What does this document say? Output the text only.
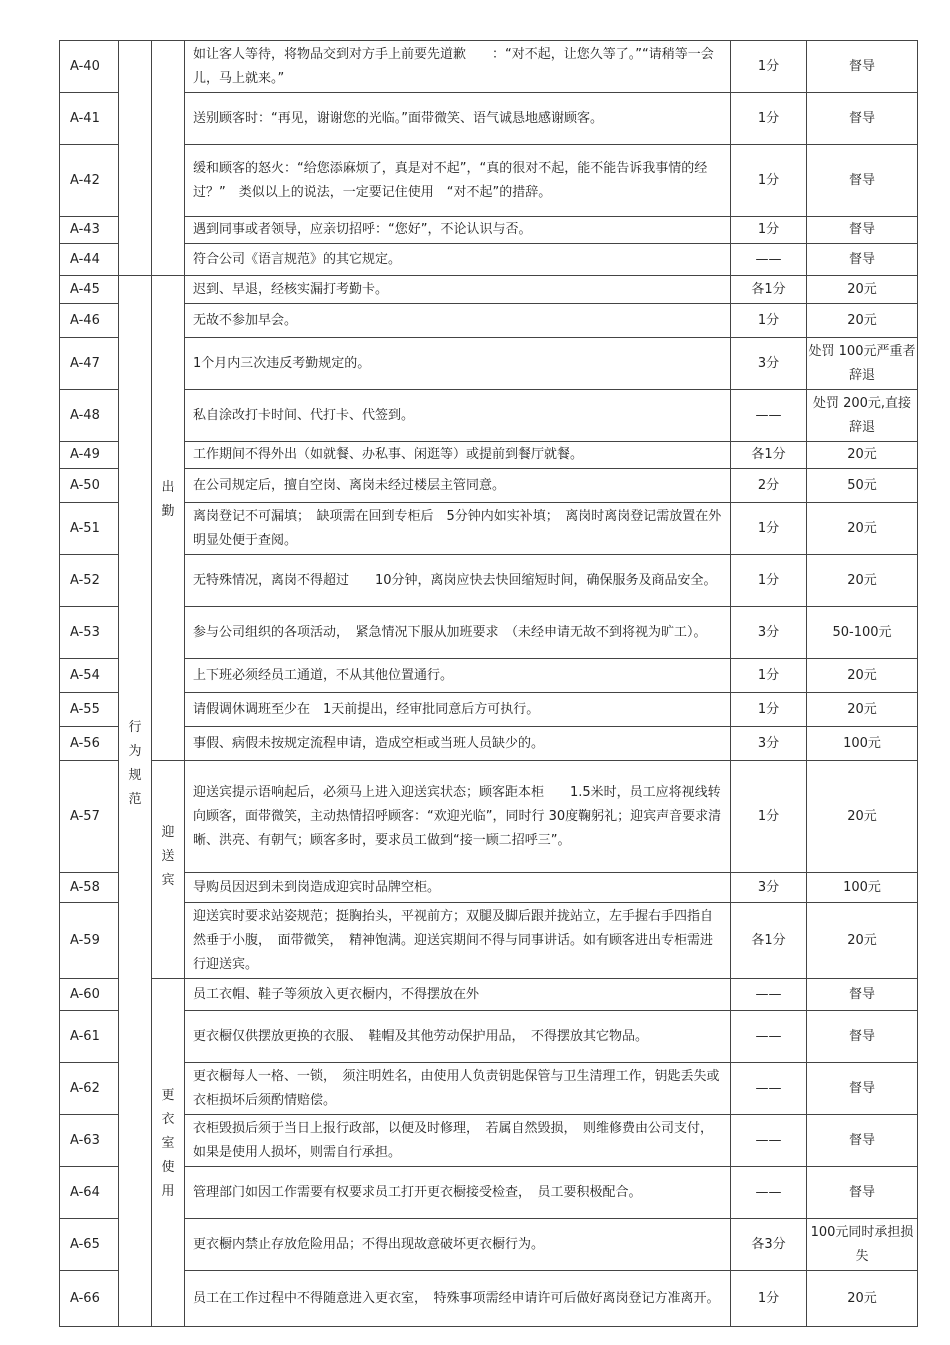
A-40			如让客人等待，将物品交到对方手上前要先道歉　　：“对不起，让您久等了。”“请稍等一会儿，马上就来。”	1分	督导
A-41			送别顾客时：“再见，谢谢您的光临。”面带微笑、语气诚恳地感谢顾客。	1分	督导
A-42			缓和顾客的怒火：“给您添麻烦了，真是对不起”，“真的很对不起，能不能告诉我事情的经过？”　类似以上的说法，一定要记住使用　“对不起”的措辞。	1分	督导
A-43			遇到同事或者领导，应亲切招呼：“您好”，不论认识与否。	1分	督导
A-44			符合公司《语言规范》的其它规定。	——	督导
A-45	行为规范	出勤	迟到、早退，经核实漏打考勤卡。	各1分	20元
A-46			无故不参加早会。	1分	20元
A-47			1个月内三次违反考勤规定的。	3分	处罚 100元严重者辞退
A-48			私自涂改打卡时间、代打卡、代签到。	——	处罚 200元,直接辞退
A-49			工作期间不得外出（如就餐、办私事、闲逛等）或提前到餐厅就餐。	各1分	20元
A-50			在公司规定后，擅自空岗、离岗未经过楼层主管同意。	2分	50元
A-51			离岗登记不可漏填；　缺项需在回到专柜后　5分钟内如实补填；　离岗时离岗登记需放置在外明显处便于查阅。	1分	20元
A-52			无特殊情况，离岗不得超过　　10分钟，离岗应快去快回缩短时间，确保服务及商品安全。	1分	20元
A-53			参与公司组织的各项活动，　紧急情况下服从加班要求　（未经申请无故不到将视为旷工）。	3分	50-100元
A-54			上下班必须经员工通道，不从其他位置通行。	1分	20元
A-55			请假调休调班至少在　1天前提出，经审批同意后方可执行。	1分	20元
A-56			事假、病假未按规定流程申请，造成空柜或当班人员缺少的。	3分	100元
A-57		迎送宾	迎送宾提示语响起后，必须马上进入迎送宾状态；顾客距本柜　　1.5米时，员工应将视线转向顾客，面带微笑，主动热情招呼顾客：“欢迎光临”，同时行 30度鞠躬礼；迎宾声音要求清晰、洪亮、有朝气；顾客多时，要求员工做到“接一顾二招呼三”。	1分	20元
A-58			导购员因迟到未到岗造成迎宾时品牌空柜。	3分	100元
A-59			迎送宾时要求站姿规范；挺胸抬头，平视前方；双腿及脚后跟并拢站立，左手握右手四指自然垂于小腹，　面带微笑，　精神饱满。迎送宾期间不得与同事讲话。如有顾客进出专柜需进行迎送宾。	各1分	20元
A-60		更衣室使用	员工衣帽、鞋子等须放入更衣橱内，不得摆放在外	——	督导
A-61			更衣橱仅供摆放更换的衣服、　鞋帽及其他劳动保护用品，　不得摆放其它物品。	——	督导
A-62			更衣橱每人一格、一锁，　须注明姓名，由使用人负责钥匙保管与卫生清理工作，钥匙丢失或衣柜损坏后须酌情赔偿。	——	督导
A-63			衣柜毁损后须于当日上报行政部，以便及时修理，　若属自然毁损，　则维修费由公司支付，如果是使用人损坏，则需自行承担。	——	督导
A-64			管理部门如因工作需要有权要求员工打开更衣橱接受检查，　员工要积极配合。	——	督导
A-65			更衣橱内禁止存放危险用品；不得出现故意破坏更衣橱行为。	各3分	100元同时承担损失
A-66			员工在工作过程中不得随意进入更衣室，　特殊事项需经申请许可后做好离岗登记方准离开。	1分	20元
